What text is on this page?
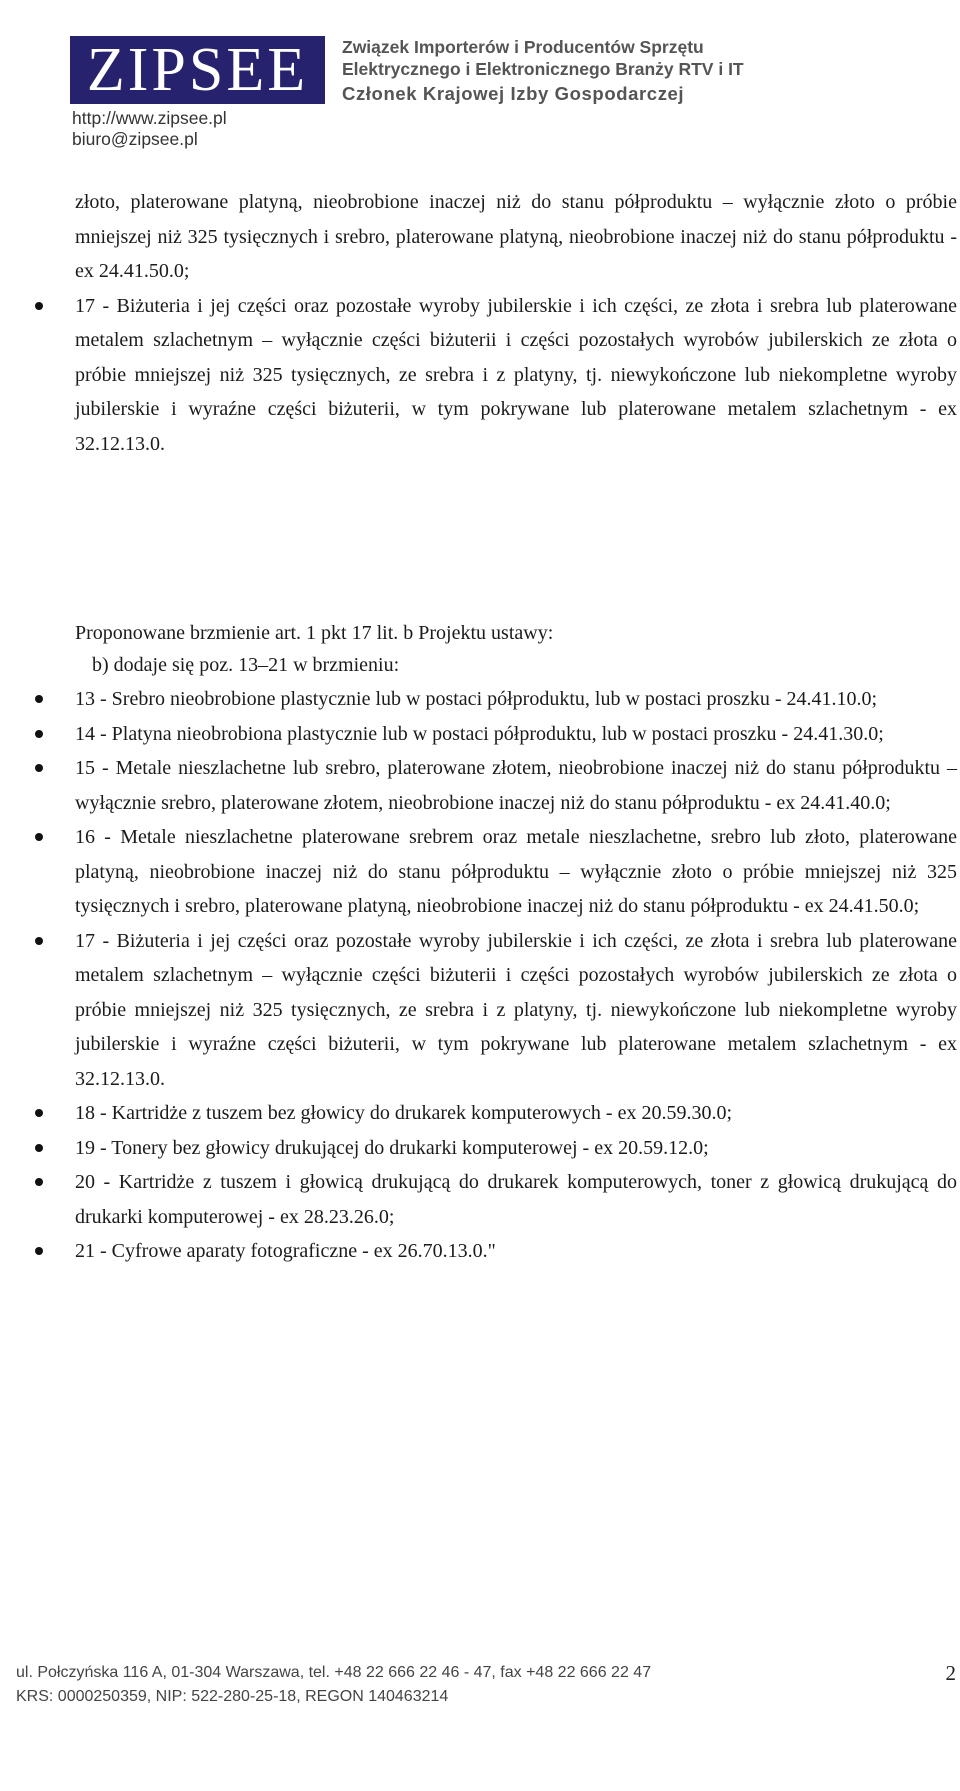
ZIPSEE Związek Importerów i Producentów Sprzętu
Elektrycznego i Elektronicznego Branży RTV i IT
Członek Krajowej Izby Gospodarczej
http://www.zipsee.pl
biuro@zipsee.pl

złoto, platerowane platyną, nieobrobione inaczej niż do stanu półproduktu – wyłącznie złoto o próbie mniejszej niż 325 tysięcznych i srebro, platerowane platyną, nieobrobione inaczej niż do stanu półproduktu - ex 24.41.50.0;

17 - Biżuteria i jej części oraz pozostałe wyroby jubilerskie i ich części, ze złota i srebra lub platerowane metalem szlachetnym – wyłącznie części biżuterii i części pozostałych wyrobów jubilerskich ze złota o próbie mniejszej niż 325 tysięcznych, ze srebra i z platyny, tj. niewykończone lub niekompletne wyroby jubilerskie i wyraźne części biżuterii, w tym pokrywane lub platerowane metalem szlachetnym - ex 32.12.13.0.

Proponowane brzmienie art. 1 pkt 17 lit. b Projektu ustawy:
b) dodaje się poz. 13–21 w brzmieniu:

13 - Srebro nieobrobione plastycznie lub w postaci półproduktu, lub w postaci proszku - 24.41.10.0;

14 - Platyna nieobrobiona plastycznie lub w postaci półproduktu, lub w postaci proszku - 24.41.30.0;

15 - Metale nieszlachetne lub srebro, platerowane złotem, nieobrobione inaczej niż do stanu półproduktu – wyłącznie srebro, platerowane złotem, nieobrobione inaczej niż do stanu półproduktu - ex 24.41.40.0;

16 - Metale nieszlachetne platerowane srebrem oraz metale nieszlachetne, srebro lub złoto, platerowane platyną, nieobrobione inaczej niż do stanu półproduktu – wyłącznie złoto o próbie mniejszej niż 325 tysięcznych i srebro, platerowane platyną, nieobrobione inaczej niż do stanu półproduktu - ex 24.41.50.0;

17 - Biżuteria i jej części oraz pozostałe wyroby jubilerskie i ich części, ze złota i srebra lub platerowane metalem szlachetnym – wyłącznie części biżuterii i części pozostałych wyrobów jubilerskich ze złota o próbie mniejszej niż 325 tysięcznych, ze srebra i z platyny, tj. niewykończone lub niekompletne wyroby jubilerskie i wyraźne części biżuterii, w tym pokrywane lub platerowane metalem szlachetnym - ex 32.12.13.0.

18 - Kartridże z tuszem bez głowicy do drukarek komputerowych - ex 20.59.30.0;

19 - Tonery bez głowicy drukującej do drukarki komputerowej - ex 20.59.12.0;

20 - Kartridże z tuszem i głowicą drukującą do drukarek komputerowych, toner z głowicą drukującą do drukarki komputerowej - ex 28.23.26.0;

21 - Cyfrowe aparaty fotograficzne - ex 26.70.13.0."

ul. Połczyńska 116 A, 01-304 Warszawa, tel. +48 22 666 22 46 - 47, fax +48 22 666 22 47
KRS: 0000250359, NIP: 522-280-25-18, REGON 140463214
2
